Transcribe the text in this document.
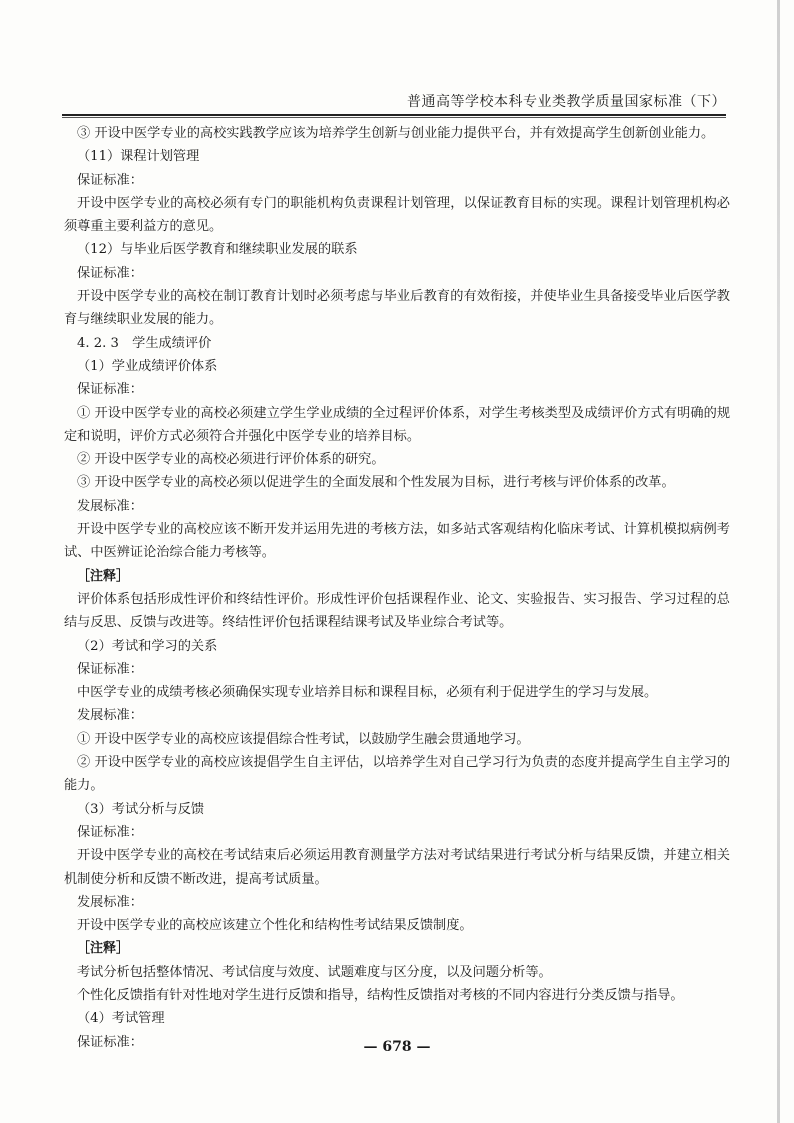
普通高等学校本科专业类教学质量国家标准（下）

③ 开设中医学专业的高校实践教学应该为培养学生创新与创业能力提供平台，并有效提高学生创新创业能力。

（11）课程计划管理

保证标准：

开设中医学专业的高校必须有专门的职能机构负责课程计划管理，以保证教育目标的实现。课程计划管理机构必须尊重主要利益方的意见。

（12）与毕业后医学教育和继续职业发展的联系

保证标准：

开设中医学专业的高校在制订教育计划时必须考虑与毕业后教育的有效衔接，并使毕业生具备接受毕业后医学教育与继续职业发展的能力。

4. 2. 3　学生成绩评价

（1）学业成绩评价体系

保证标准：

① 开设中医学专业的高校必须建立学生学业成绩的全过程评价体系，对学生考核类型及成绩评价方式有明确的规定和说明，评价方式必须符合并强化中医学专业的培养目标。

② 开设中医学专业的高校必须进行评价体系的研究。

③ 开设中医学专业的高校必须以促进学生的全面发展和个性发展为目标，进行考核与评价体系的改革。

发展标准：

开设中医学专业的高校应该不断开发并运用先进的考核方法，如多站式客观结构化临床考试、计算机模拟病例考试、中医辨证论治综合能力考核等。

［注释］

评价体系包括形成性评价和终结性评价。形成性评价包括课程作业、论文、实验报告、实习报告、学习过程的总结与反思、反馈与改进等。终结性评价包括课程结课考试及毕业综合考试等。

（2）考试和学习的关系

保证标准：

中医学专业的成绩考核必须确保实现专业培养目标和课程目标，必须有利于促进学生的学习与发展。

发展标准：

① 开设中医学专业的高校应该提倡综合性考试，以鼓励学生融会贯通地学习。

② 开设中医学专业的高校应该提倡学生自主评估，以培养学生对自己学习行为负责的态度并提高学生自主学习的能力。

（3）考试分析与反馈

保证标准：

开设中医学专业的高校在考试结束后必须运用教育测量学方法对考试结果进行考试分析与结果反馈，并建立相关机制使分析和反馈不断改进，提高考试质量。

发展标准：

开设中医学专业的高校应该建立个性化和结构性考试结果反馈制度。

［注释］

考试分析包括整体情况、考试信度与效度、试题难度与区分度，以及问题分析等。

个性化反馈指有针对性地对学生进行反馈和指导，结构性反馈指对考核的不同内容进行分类反馈与指导。

（4）考试管理

保证标准：	— 678 —
